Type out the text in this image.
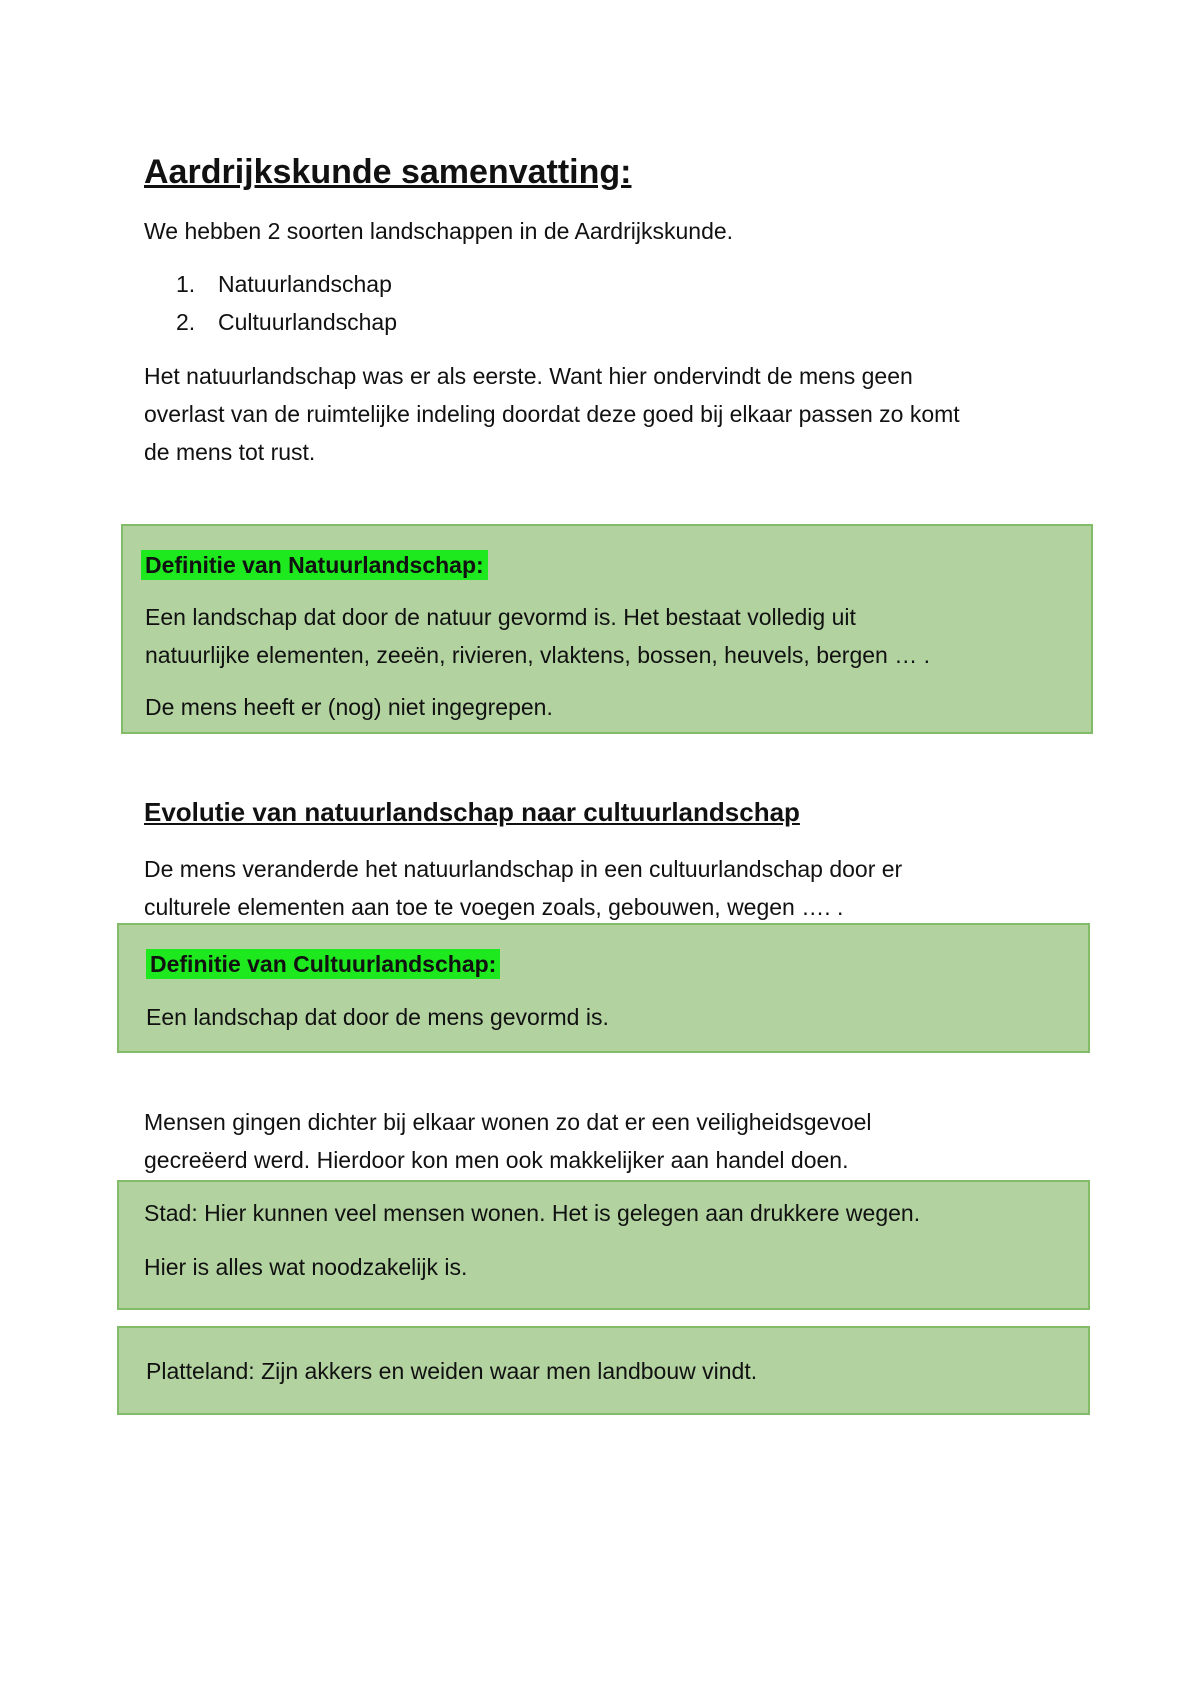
Aardrijkskunde samenvatting:

We hebben 2 soorten landschappen in de Aardrijkskunde.

1. Natuurlandschap
2. Cultuurlandschap

Het natuurlandschap was er als eerste. Want hier ondervindt de mens geen

overlast van de ruimtelijke indeling doordat deze goed bij elkaar passen zo komt

de mens tot rust.

Definitie van Natuurlandschap:

Een landschap dat door de natuur gevormd is. Het bestaat volledig uit

natuurlijke elementen, zeeën, rivieren, vlaktens, bossen, heuvels, bergen … .

De mens heeft er (nog) niet ingegrepen.

Evolutie van natuurlandschap naar cultuurlandschap

De mens veranderde het natuurlandschap in een cultuurlandschap door er

culturele elementen aan toe te voegen zoals, gebouwen, wegen …. .

Definitie van Cultuurlandschap:

Een landschap dat door de mens gevormd is.

Mensen gingen dichter bij elkaar wonen zo dat er een veiligheidsgevoel

gecreëerd werd. Hierdoor kon men ook makkelijker aan handel doen.

Stad: Hier kunnen veel mensen wonen. Het is gelegen aan drukkere wegen.

Hier is alles wat noodzakelijk is.

Platteland: Zijn akkers en weiden waar men landbouw vindt.
